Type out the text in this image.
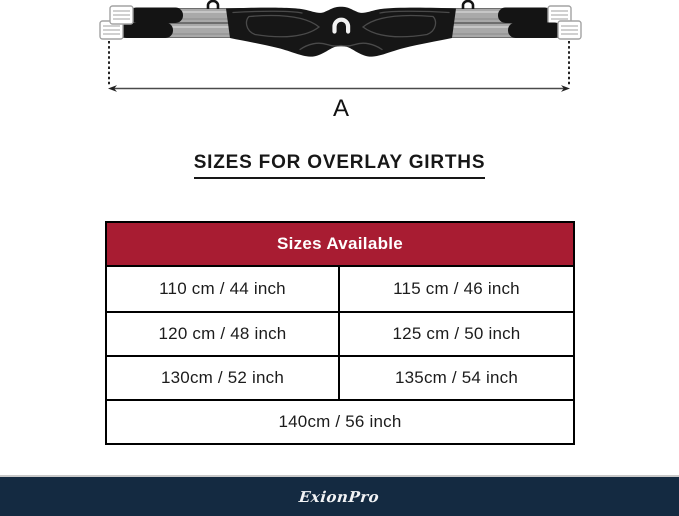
A
SIZES FOR OVERLAY GIRTHS
Sizes Available
110 cm / 44 inch	115 cm / 46 inch
120 cm / 48 inch	125 cm / 50 inch
130cm / 52 inch	135cm / 54 inch
140cm / 56 inch
ExionPro
